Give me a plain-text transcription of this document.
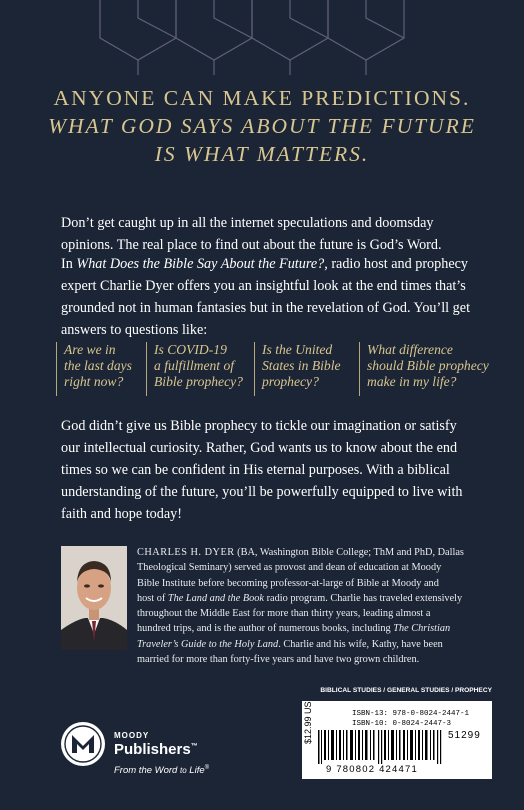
ANYONE CAN MAKE PREDICTIONS.
WHAT GOD SAYS ABOUT THE FUTURE
IS WHAT MATTERS.
Don’t get caught up in all the internet speculations and doomsday
opinions. The real place to find out about the future is God’s Word.
In What Does the Bible Say About the Future?, radio host and prophecy
expert Charlie Dyer offers you an insightful look at the end times that’s
grounded not in human fantasies but in the revelation of God. You’ll get
answers to questions like:
Are we in
the last days
right now?
Is COVID-19
a fulfillment of
Bible prophecy?
Is the United
States in Bible
prophecy?
What difference
should Bible prophecy
make in my life?
God didn’t give us Bible prophecy to tickle our imagination or satisfy
our intellectual curiosity. Rather, God wants us to know about the end
times so we can be confident in His eternal purposes. With a biblical
understanding of the future, you’ll be powerfully equipped to live with
faith and hope today!
CHARLES H. DYER (BA, Washington Bible College; ThM and PhD, Dallas
Theological Seminary) served as provost and dean of education at Moody
Bible Institute before becoming professor-at-large of Bible at Moody and
host of The Land and the Book radio program. Charlie has traveled extensively
throughout the Middle East for more than thirty years, leading almost a
hundred trips, and is the author of numerous books, including The Christian
Traveler’s Guide to the Holy Land. Charlie and his wife, Kathy, have been
married for more than forty-five years and have two grown children.
BIBLICAL STUDIES / GENERAL STUDIES / PROPHECY
$12.99 US	ISBN-13: 978-0-8024-2447-1
ISBN-10: 0-8024-2447-3
51299
9 780802 424471
MOODY
Publishers™
From the Word to Life®
